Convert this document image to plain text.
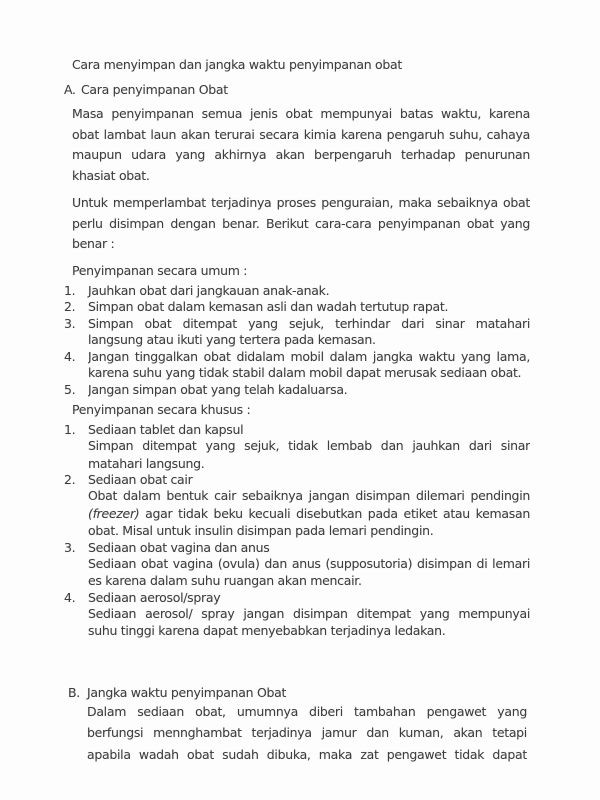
Cara menyimpan dan jangka waktu penyimpanan obat
A. Cara penyimpanan Obat
Masa penyimpanan semua jenis obat mempunyai batas waktu, karena
obat lambat laun akan terurai secara kimia karena pengaruh suhu, cahaya
maupun udara yang akhirnya akan berpengaruh terhadap penurunan
khasiat obat.
Untuk memperlambat terjadinya proses penguraian, maka sebaiknya obat
perlu disimpan dengan benar. Berikut cara-cara penyimpanan obat yang
benar :
Penyimpanan secara umum :
1.	Jauhkan obat dari jangkauan anak-anak.
2.	Simpan obat dalam kemasan asli dan wadah tertutup rapat.
3.	Simpan obat ditempat yang sejuk, terhindar dari sinar matahari
langsung atau ikuti yang tertera pada kemasan.
4.	Jangan tinggalkan obat didalam mobil dalam jangka waktu yang lama,
karena suhu yang tidak stabil dalam mobil dapat merusak sediaan obat.
5.	Jangan simpan obat yang telah kadaluarsa.
Penyimpanan secara khusus :
1.	Sediaan tablet dan kapsul
Simpan ditempat yang sejuk, tidak lembab dan jauhkan dari sinar
matahari langsung.
2.	Sediaan obat cair
Obat dalam bentuk cair sebaiknya jangan disimpan dilemari pendingin
(freezer) agar tidak beku kecuali disebutkan pada etiket atau kemasan
obat. Misal untuk insulin disimpan pada lemari pendingin.
3.	Sediaan obat vagina dan anus
Sediaan obat vagina (ovula) dan anus (supposutoria) disimpan di lemari
es karena dalam suhu ruangan akan mencair.
4.	Sediaan aerosol/spray
Sediaan aerosol/ spray jangan disimpan ditempat yang mempunyai
suhu tinggi karena dapat menyebabkan terjadinya ledakan.
B. Jangka waktu penyimpanan Obat
Dalam sediaan obat, umumnya diberi tambahan pengawet yang
berfungsi mennghambat terjadinya jamur dan kuman, akan tetapi
apabila wadah obat sudah dibuka, maka zat pengawet tidak dapat
